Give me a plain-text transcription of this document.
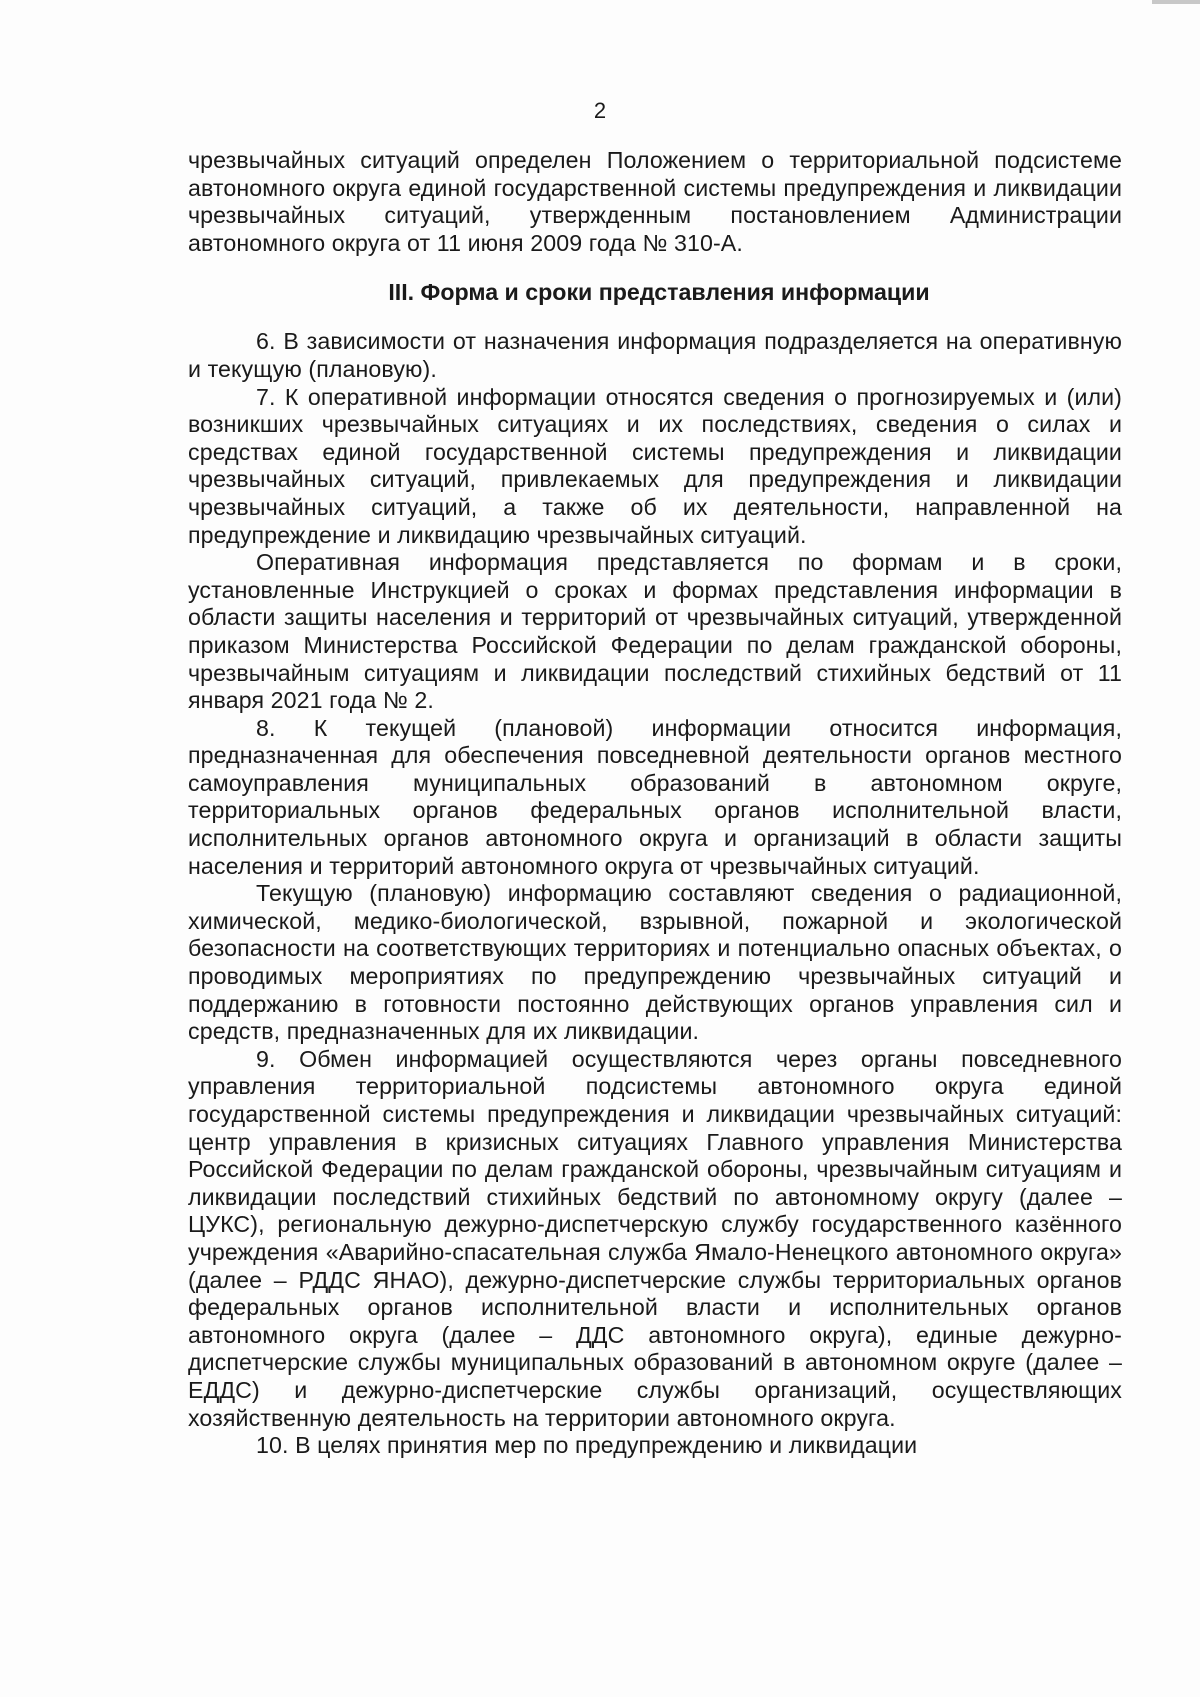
2

чрезвычайных ситуаций определен Положением о территориальной подсистеме автономного округа единой государственной системы предупреждения и ликвидации чрезвычайных ситуаций, утвержденным постановлением Администрации автономного округа от 11 июня 2009 года № 310-А.

III. Форма и сроки представления информации

6. В зависимости от назначения информация подразделяется на оперативную и текущую (плановую).

7. К оперативной информации относятся сведения о прогнозируемых и (или) возникших чрезвычайных ситуациях и их последствиях, сведения о силах и средствах единой государственной системы предупреждения и ликвидации чрезвычайных ситуаций, привлекаемых для предупреждения и ликвидации чрезвычайных ситуаций, а также об их деятельности, направленной на предупреждение и ликвидацию чрезвычайных ситуаций.

Оперативная информация представляется по формам и в сроки, установленные Инструкцией о сроках и формах представления информации в области защиты населения и территорий от чрезвычайных ситуаций, утвержденной приказом Министерства Российской Федерации по делам гражданской обороны, чрезвычайным ситуациям и ликвидации последствий стихийных бедствий от 11 января 2021 года № 2.

8. К текущей (плановой) информации относится информация, предназначенная для обеспечения повседневной деятельности органов местного самоуправления муниципальных образований в автономном округе, территориальных органов федеральных органов исполнительной власти, исполнительных органов автономного округа и организаций в области защиты населения и территорий автономного округа от чрезвычайных ситуаций.

Текущую (плановую) информацию составляют сведения о радиационной, химической, медико-биологической, взрывной, пожарной и экологической безопасности на соответствующих территориях и потенциально опасных объектах, о проводимых мероприятиях по предупреждению чрезвычайных ситуаций и поддержанию в готовности постоянно действующих органов управления сил и средств, предназначенных для их ликвидации.

9. Обмен информацией осуществляются через органы повседневного управления территориальной подсистемы автономного округа единой государственной системы предупреждения и ликвидации чрезвычайных ситуаций: центр управления в кризисных ситуациях Главного управления Министерства Российской Федерации по делам гражданской обороны, чрезвычайным ситуациям и ликвидации последствий стихийных бедствий по автономному округу (далее – ЦУКС), региональную дежурно-диспетчерскую службу государственного казённого учреждения «Аварийно-спасательная служба Ямало-Ненецкого автономного округа» (далее – РДДС ЯНАО), дежурно-диспетчерские службы территориальных органов федеральных органов исполнительной власти и исполнительных органов автономного округа (далее – ДДС автономного округа), единые дежурно-диспетчерские службы муниципальных образований в автономном округе (далее – ЕДДС) и дежурно-диспетчерские службы организаций, осуществляющих хозяйственную деятельность на территории автономного округа.

10. В целях принятия мер по предупреждению и ликвидации
